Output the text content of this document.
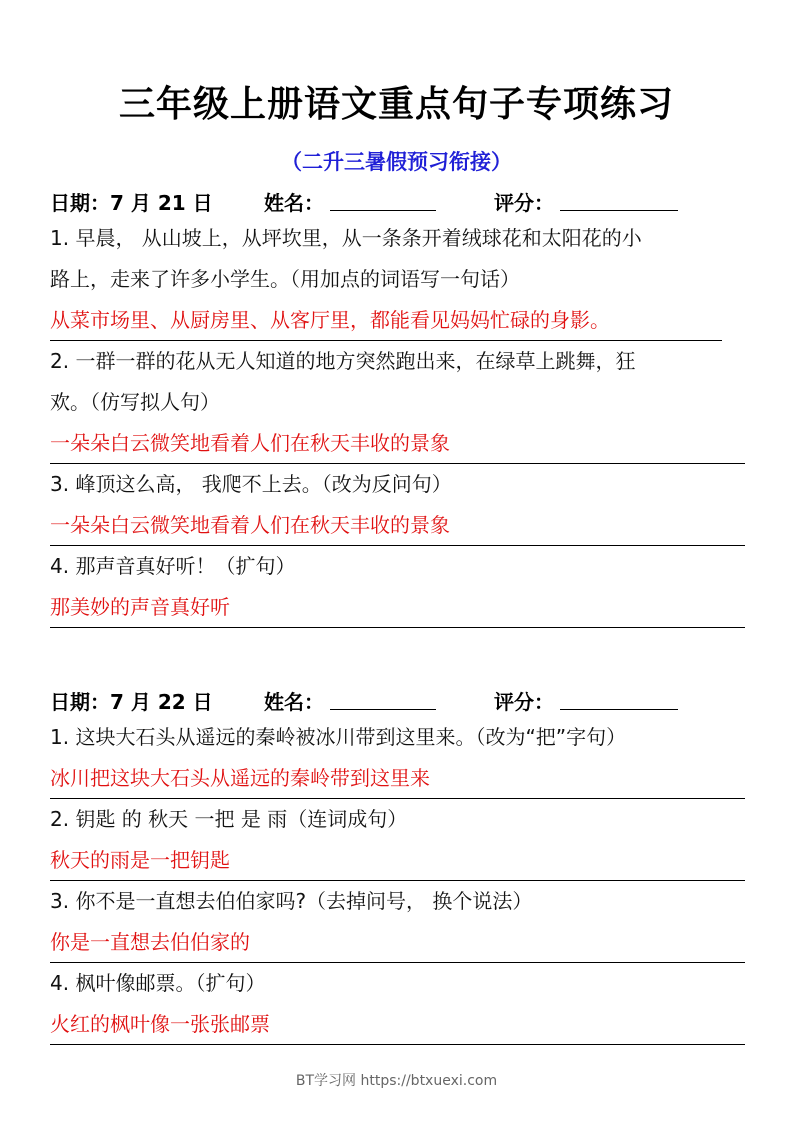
三年级上册语文重点句子专项练习
（二升三暑假预习衔接）
日期：7 月 21 日	姓名：	评分：
1. 早晨， 从山坡上，从坪坎里，从一条条开着绒球花和太阳花的小
路上，走来了许多小学生。（用加点的词语写一句话）
从菜市场里、从厨房里、从客厅里，都能看见妈妈忙碌的身影。
2. 一群一群的花从无人知道的地方突然跑出来，在绿草上跳舞，狂
欢。（仿写拟人句）
一朵朵白云微笑地看着人们在秋天丰收的景象
3. 峰顶这么高， 我爬不上去。（改为反问句）
一朵朵白云微笑地看着人们在秋天丰收的景象
4. 那声音真好听！（扩句）
那美妙的声音真好听
日期：7 月 22 日	姓名：	评分：
1. 这块大石头从遥远的秦岭被冰川带到这里来。（改为“把”字句）
冰川把这块大石头从遥远的秦岭带到这里来
2. 钥匙 的 秋天 一把 是 雨（连词成句）
秋天的雨是一把钥匙
3. 你不是一直想去伯伯家吗?（去掉问号， 换个说法）
你是一直想去伯伯家的
4. 枫叶像邮票。（扩句）
火红的枫叶像一张张邮票
BT学习网 https://btxuexi.com
